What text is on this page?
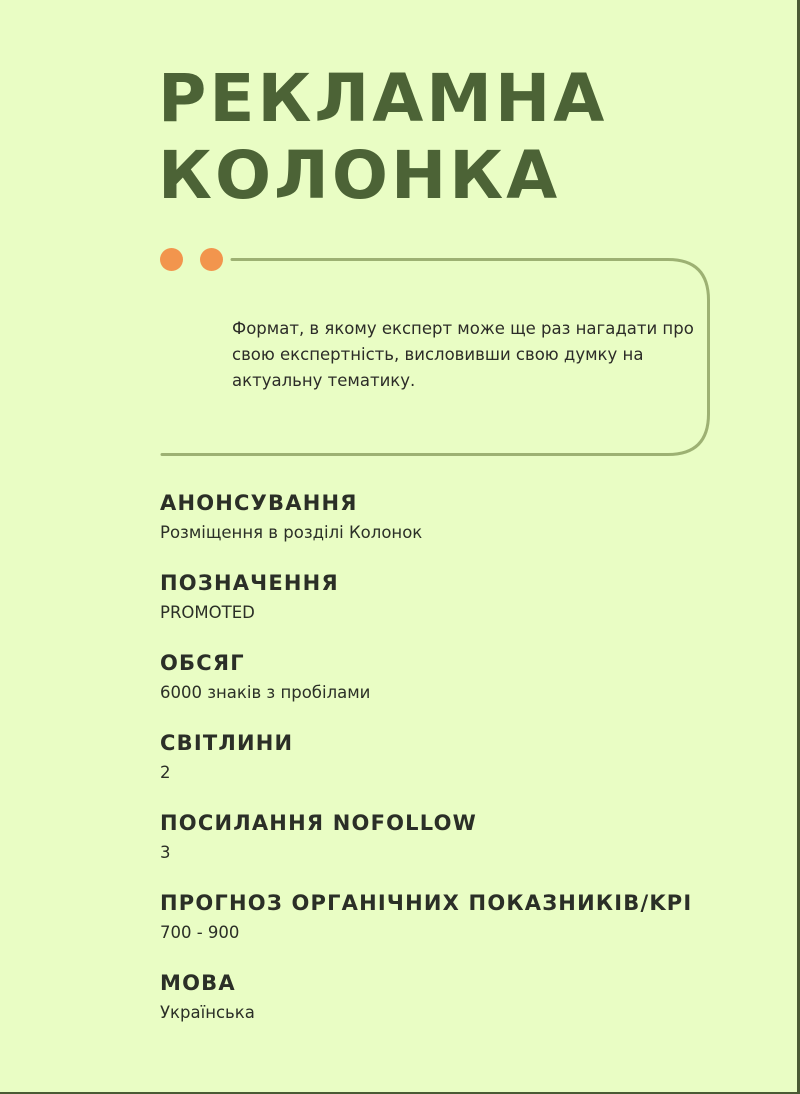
РЕКЛАМНА
КОЛОНКА

Формат, в якому експерт може ще раз нагадати про свою експертність, висловивши свою думку на актуальну тематику.

АНОНСУВАННЯ

Розміщення в розділі Колонок

ПОЗНАЧЕННЯ

PROMOTED

ОБСЯГ

6000 знаків з пробілами

СВІТЛИНИ

2

ПОСИЛАННЯ NOFOLLOW

3

ПРОГНОЗ ОРГАНІЧНИХ ПОКАЗНИКІВ/KPI

700 - 900

МОВА

Українська
